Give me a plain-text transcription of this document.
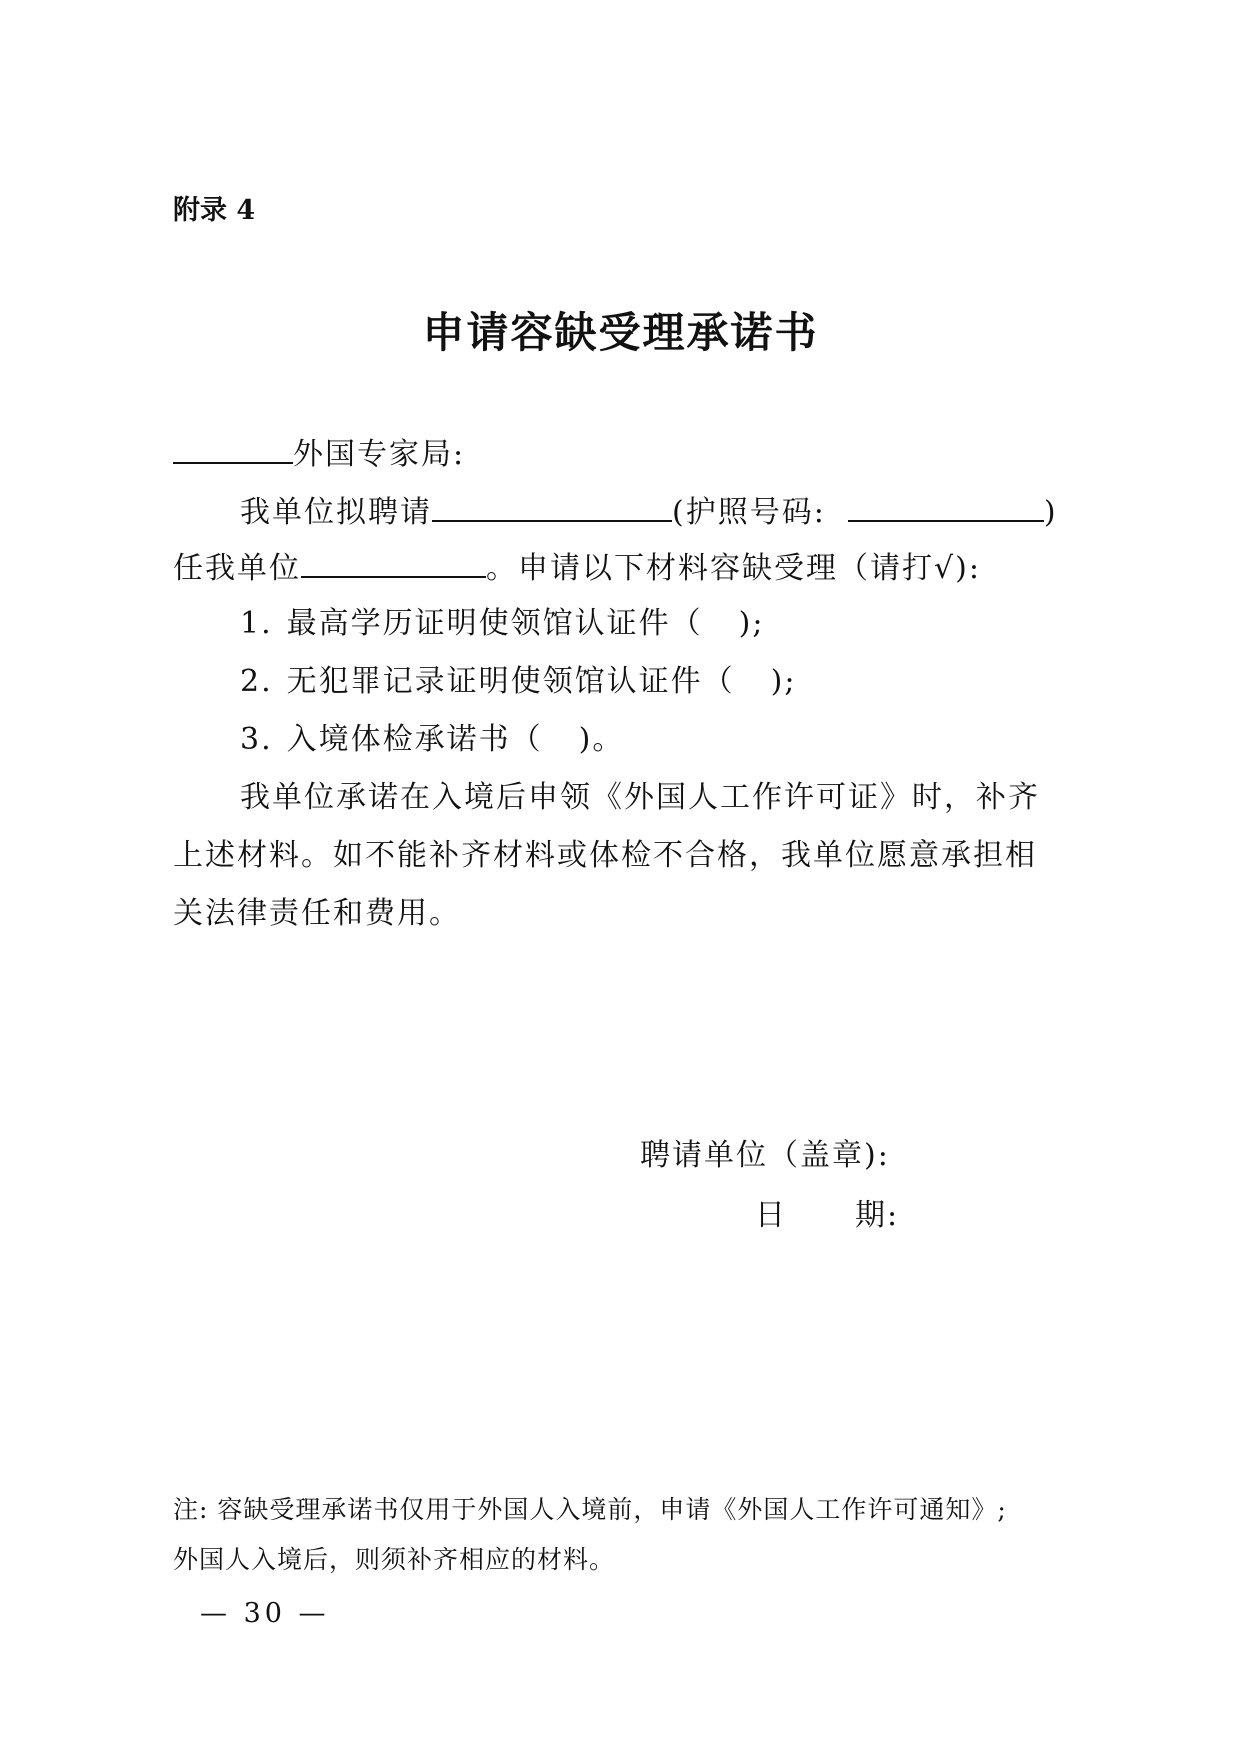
附录 4
申请容缺受理承诺书
外国专家局:
我单位拟聘请	(护照号码:	)
任我单位	。申请以下材料容缺受理（请打√):
1. 最高学历证明使领馆认证件（ );
2. 无犯罪记录证明使领馆认证件（ );
3. 入境体检承诺书（ )。
我单位承诺在入境后申领《外国人工作许可证》时，补齐
上述材料。如不能补齐材料或体检不合格，我单位愿意承担相
关法律责任和费用。
聘请单位（盖章):
日 期:
注: 容缺受理承诺书仅用于外国人入境前，申请《外国人工作许可通知》;
外国人入境后，则须补齐相应的材料。
— 30 —
